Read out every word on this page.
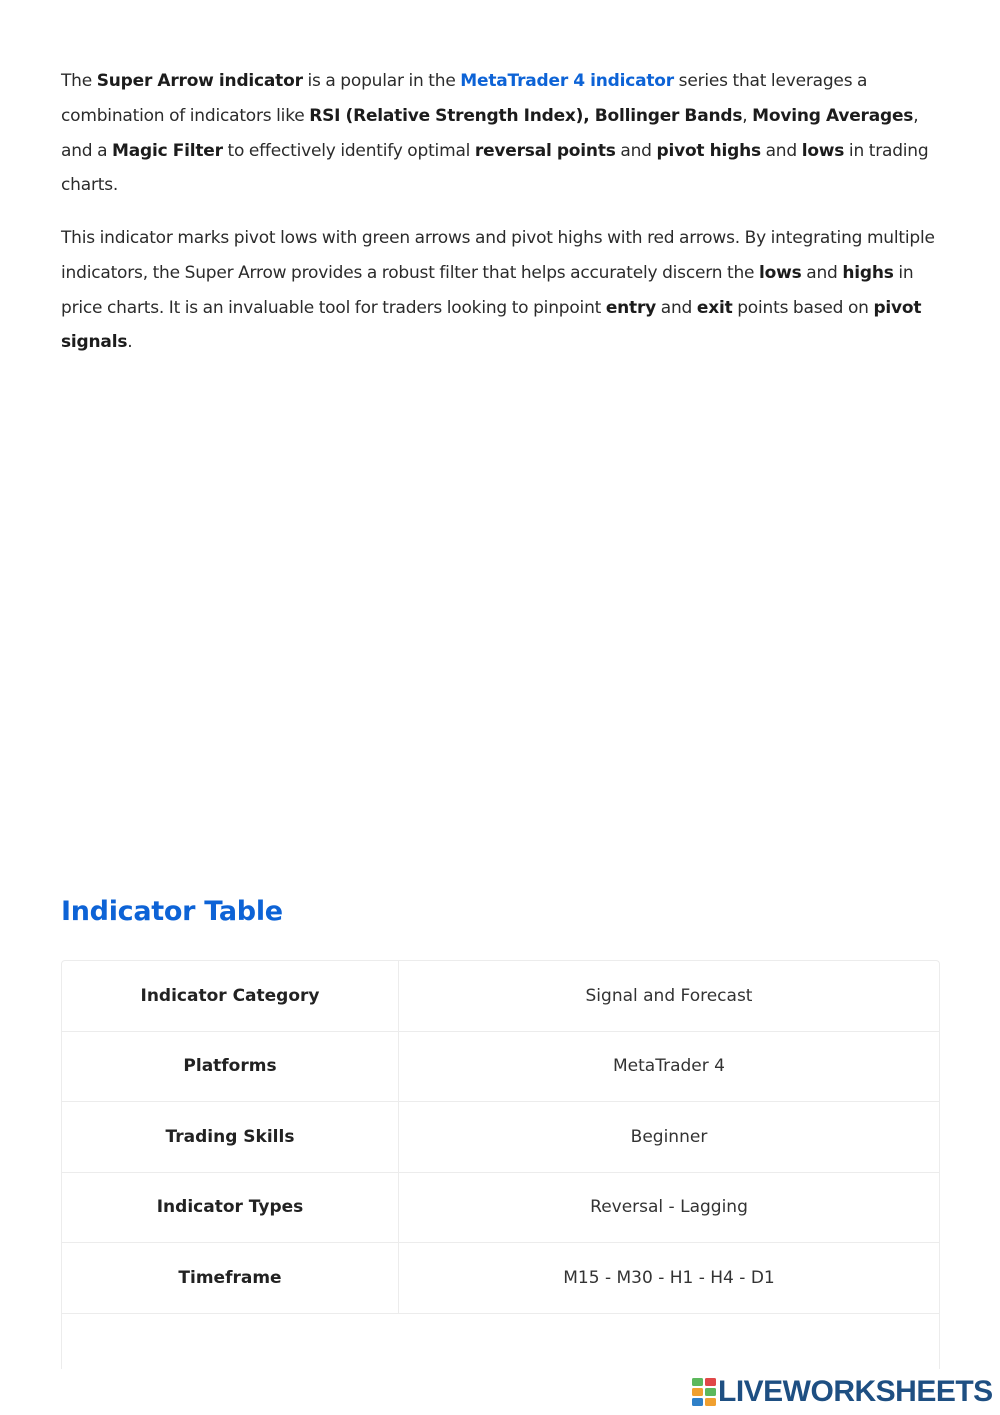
The Super Arrow indicator is a popular in the MetaTrader 4 indicator series that leverages a combination of indicators like RSI (Relative Strength Index), Bollinger Bands, Moving Averages, and a Magic Filter to effectively identify optimal reversal points and pivot highs and lows in trading charts.

This indicator marks pivot lows with green arrows and pivot highs with red arrows. By integrating multiple indicators, the Super Arrow provides a robust filter that helps accurately discern the lows and highs in price charts. It is an invaluable tool for traders looking to pinpoint entry and exit points based on pivot signals.

Indicator Table
Indicator Category	Signal and Forecast
Platforms	MetaTrader 4
Trading Skills	Beginner
Indicator Types	Reversal - Lagging
Timeframe	M15 - M30 - H1 - H4 - D1
LIVEWORKSHEETS
